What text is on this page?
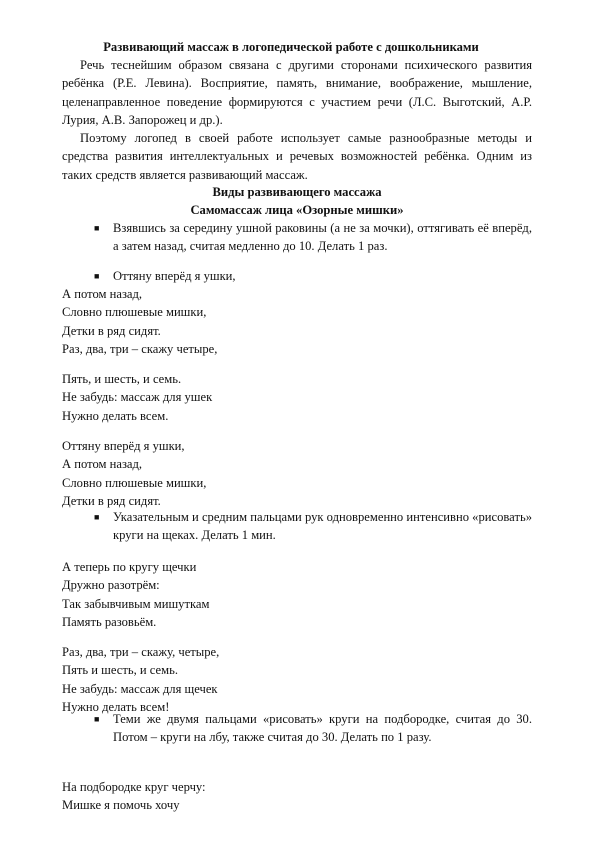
Развивающий массаж в логопедической работе с дошкольниками
Речь теснейшим образом связана с другими сторонами психического развития ребёнка (Р.Е. Левина). Восприятие, память, внимание, воображение, мышление, целенаправленное поведение формируются с участием речи (Л.С. Выготский, А.Р. Лурия, А.В. Запорожец и др.).
Поэтому логопед в своей работе использует самые разнообразные методы и средства развития интеллектуальных и речевых возможностей ребёнка. Одним из таких средств является развивающий массаж.
Виды развивающего массажа
Самомассаж лица «Озорные мишки»
■ Взявшись за середину ушной раковины (а не за мочки), оттягивать её вперёд, а затем назад, считая медленно до 10. Делать 1 раз.
■ Оттяну вперёд я ушки,
А потом назад,
Словно плюшевые мишки,
Детки в ряд сидят.
Раз, два, три – скажу четыре,
Пять, и шесть, и семь.
Не забудь: массаж для ушек
Нужно делать всем.
Оттяну вперёд я ушки,
А потом назад,
Словно плюшевые мишки,
Детки в ряд сидят.
■ Указательным и средним пальцами рук одновременно интенсивно «рисовать» круги на щеках. Делать 1 мин.
А теперь по кругу щечки
Дружно разотрём:
Так забывчивым мишуткам
Память разовьём.
Раз, два, три – скажу, четыре,
Пять и шесть, и семь.
Не забудь: массаж для щечек
Нужно делать всем!
■ Теми же двумя пальцами «рисовать» круги на подбородке, считая до 30. Потом – круги на лбу, также считая до 30. Делать по 1 разу.
На подбородке круг черчу:
Мишке я помочь хочу
